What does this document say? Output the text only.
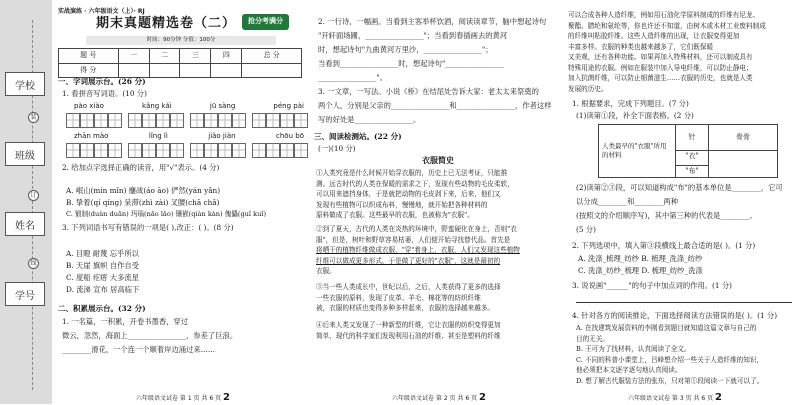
学校
班级
姓名
学号
装
订
线
实战演练 · 六年级语文（上）· RJ
期末真题精选卷（二）	抢分考满分
时间：90分钟 分值：100分
题 号	一	二	三	四	总 分
得 分					
一、字词展示台。(26 分)
1. 看拼音写词语。(10 分)
pào xiào	kǎng kǎi	jū sàng	péng pài
zhān mào	lǐng lì	jiǎo jiàn	chōu bō
2. 给加点字选择正确的读音，用"√"表示。(4 分)
A. 岷山(mín mǐn) 鏖战(áo āo) 俨然(yán yǎn)
B. 挚着(qí qíng) 呆滞(zhì zài) 叉腰(chā chǎ)
C. 锻制(duàn duān) 玛瑙(nǎo lǎo) 镶嵌(qiàn kàn) 傀儡(guǐ kuǐ)
3. 下列词语书写有错误的一项是( ),改正：( )。(8 分)
A. 目瞪 耐蔑 忘乎所以
B. 天崖 旗帜 自作自受
C. 度船 疙瘩 大多流星
D. 流涕 宣布 居高临下
二、积累展示台。(32 分)
1. 一名篇，一积累，开卷书墨香，穿过
微云，忽然，海面上________________，参差了巨浪。
________滑花，一个连一个顺着岸边涌过来……
六年级语文试卷 第 1 页 共 6 页 2
2. 一行诗，一幅画。当看到主客举杯饮酒，阅读读章节，脑中想起诗句
"开轩面场圃，________________"；当看到春插画去的黄河
时，想起诗句"九曲黄河万里沙，________________"；
当看到________________时，想起诗句"________________
________________"。
3. 一文章，一写法。小说《桥》在结尾处告诉大家：老太太来祭奠的
两个人，分别是父亲的________________和________________，作者这样
写的好处是________________。
三、阅读检测站。(22 分)
(一)(10 分)
衣服简史
①人类究竟是什么时候开始穿衣服的，历史上已无法考证，只能推
测。远古时代的人类在保暖的需求之下，发现有些动物的毛皮柔软，
可以用来遮挡身体，于是就把动物的毛皮剥下来，后来，他们又
发现有些植物可以织成布料，慢慢地，就开始把各种材料的
原料做成了衣服。这些最早的衣服，也被称为"衣服"。
②到了夏天，古代的人类在炎热的环境中，野蛮硬化在身上，否则"衣
服"，但是，树叶和野草容易枯萎，人们便开始寻找替代品。首先是
将晒干的植物纤维做成衣服，"穿"着身上，衣服，人们又发现这些植物
纤维可以做成更多形式，于是做了更好的"衣服"，这就是最初的
衣服。
③当一些人类成长中，世纪以后，之后，人类获得了更多的选择
一些衣服的原料，发现了皮革、羊毛、棉花等的纺织纤维
被，衣服的材质也变得多种多样起来，衣服的选择越来越多。
④后来人类又发现了一种新型的纤维，它让衣服的纺织变得更加
简单，现代的科学家们发现利用石油的纤维、甚至是塑料的纤维
六年级语文试卷 第 2 页 共 6 页 2
可以合成各种人造纤维，例如用石油化学原料制成的纤维有尼龙、
聚酯、腈纶和氨纶等，你也许还不知道，由树木或木材工业废料制成
的纤维叫粘胶纤维。这些人造纤维的出现，让衣服变得更加
丰富多样。衣服的种类也越来越多了，它们既保暖
又美观，还有各种功能。如果再加入特殊材料，还可以制成具有
特殊用途的衣服。例如在服装中加入导电纤维，可以防止静电；
加入抗菌纤维，可以防止细菌滋生……衣服的历史，也就是人类
发展的历史。
1. 根据要求，完成下列题目。(7 分)
(1)读第①段，补全下面表格。(2 分)
人类最早的"衣服"所用的材料	针	骨骨

	"衣"
"布"	

(2)读第②③段，可以知道构成"布"的基本单位是________，它可
以分成________和________两种
(按照文的介绍顺序写)，其中第三种的代表是________。
(5 分)
2. 下列选项中，填入第③段横线上最合适的是( )。(1 分)
A. 洗涤_梳理_纺纱 B. 梳理_洗涤_纺纱
C. 洗涤_纺纱_梳理 D. 梳理_纺纱_洗涤
3. 说说画"______"的句子中加点词的作用。(1 分)
4. 针对各方的阅读推论，下面选择阅读方法错误的是( )。(1 分)
A. 在找建筑发展资料的李刚看到题目就知道这篇文章与自己的
目的无关。
B. 王可为了找材料，认真阅读了全文。
C. 不同的科普小课堂上，吕峰想介绍一些关于人造纤维的知识，
他必须把本文逐字逐句地认真阅读。
D. 想了解古代服装方法的张东，只对第①段阅读一下就可以了。
六年级语文试卷 第 3 页 共 6 页 2
